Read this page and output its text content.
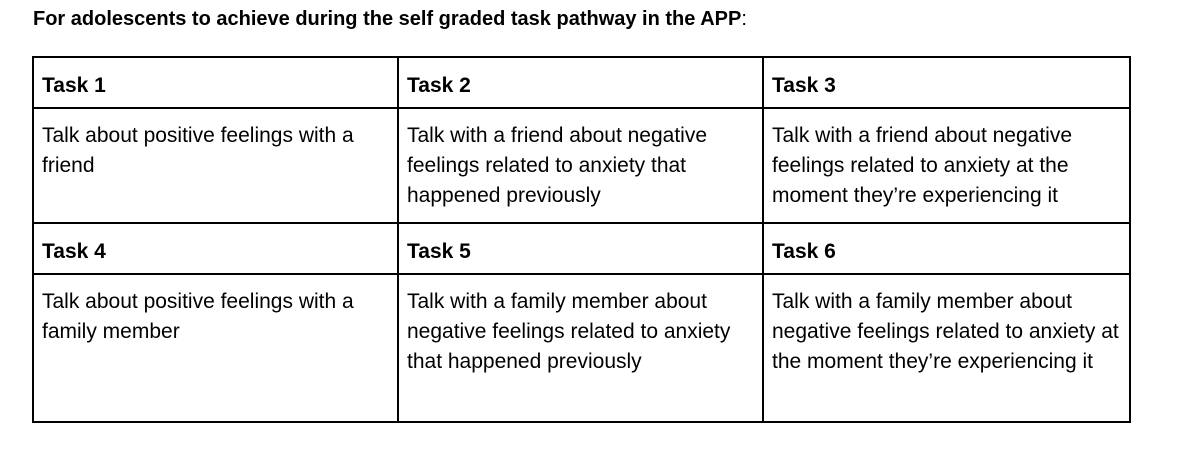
For adolescents to achieve during the self graded task pathway in the APP:
Task 1	Task 2	Task 3
Talk about positive feelings with a friend	Talk with a friend about negative feelings related to anxiety that happened previously	Talk with a friend about negative feelings related to anxiety at the moment they’re experiencing it
Task 4	Task 5	Task 6
Talk about positive feelings with a family member	Talk with a family member about negative feelings related to anxiety that happened previously	Talk with a family member about negative feelings related to anxiety at the moment they’re experiencing it
